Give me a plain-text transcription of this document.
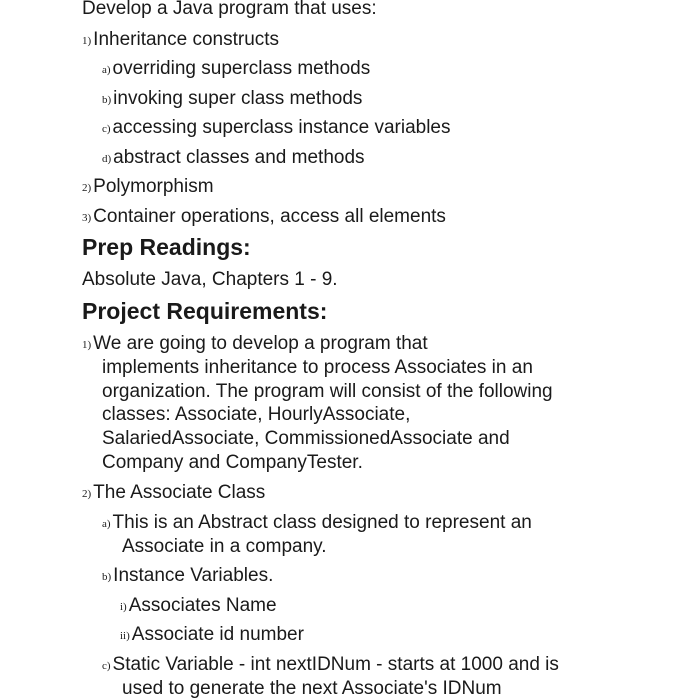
Develop a Java program that uses:
1) Inheritance constructs
a) overriding superclass methods
b) invoking super class methods
c) accessing superclass instance variables
d) abstract classes and methods
2) Polymorphism
3) Container operations, access all elements
Prep Readings:
Absolute Java, Chapters 1 - 9.
Project Requirements:
1) We are going to develop a program that
implements inheritance to process Associates in an
organization. The program will consist of the following
classes: Associate, HourlyAssociate,
SalariedAssociate, CommissionedAssociate and
Company and CompanyTester.
2) The Associate Class
a) This is an Abstract class designed to represent an
Associate in a company.
b) Instance Variables.
i) Associates Name
ii) Associate id number
c) Static Variable - int nextIDNum - starts at 1000 and is
used to generate the next Associate's IDNum
